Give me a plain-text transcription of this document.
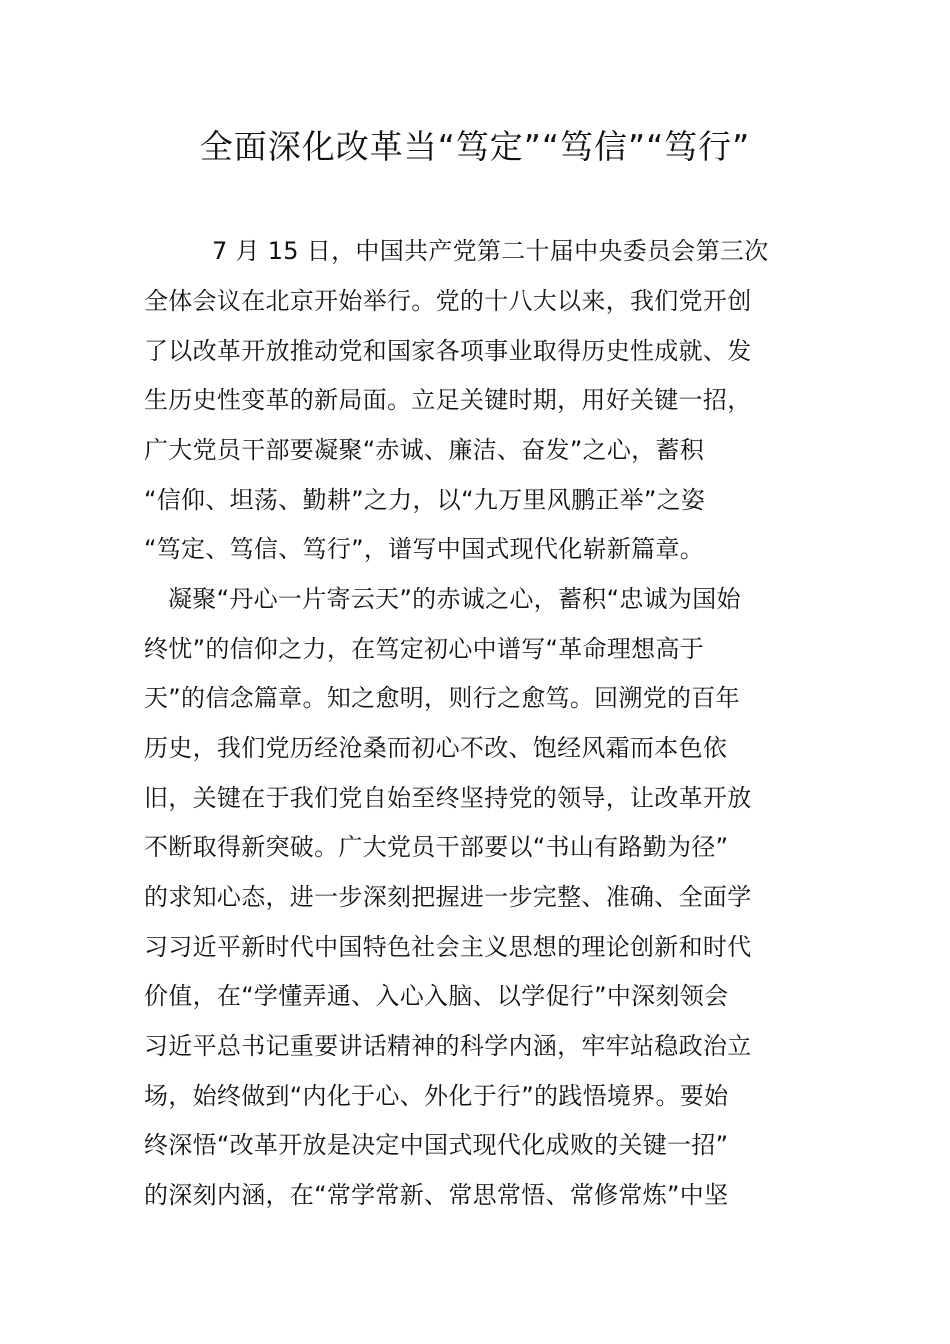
全面深化改革当“笃定”“笃信”“笃行”
7 月 15 日，中国共产党第二十届中央委员会第三次
全体会议在北京开始举行。党的十八大以来，我们党开创
了以改革开放推动党和国家各项事业取得历史性成就、发
生历史性变革的新局面。立足关键时期，用好关键一招，
广大党员干部要凝聚“赤诚、廉洁、奋发”之心，蓄积
“信仰、坦荡、勤耕”之力，以“九万里风鹏正举”之姿
“笃定、笃信、笃行”，谱写中国式现代化崭新篇章。
凝聚“丹心一片寄云天”的赤诚之心，蓄积“忠诚为国始
终忧”的信仰之力，在笃定初心中谱写“革命理想高于
天”的信念篇章。知之愈明，则行之愈笃。回溯党的百年
历史，我们党历经沧桑而初心不改、饱经风霜而本色依
旧，关键在于我们党自始至终坚持党的领导，让改革开放
不断取得新突破。广大党员干部要以“书山有路勤为径”
的求知心态，进一步深刻把握进一步完整、准确、全面学
习习近平新时代中国特色社会主义思想的理论创新和时代
价值，在“学懂弄通、入心入脑、以学促行”中深刻领会
习近平总书记重要讲话精神的科学内涵，牢牢站稳政治立
场，始终做到“内化于心、外化于行”的践悟境界。要始
终深悟“改革开放是决定中国式现代化成败的关键一招”
的深刻内涵，在“常学常新、常思常悟、常修常炼”中坚
